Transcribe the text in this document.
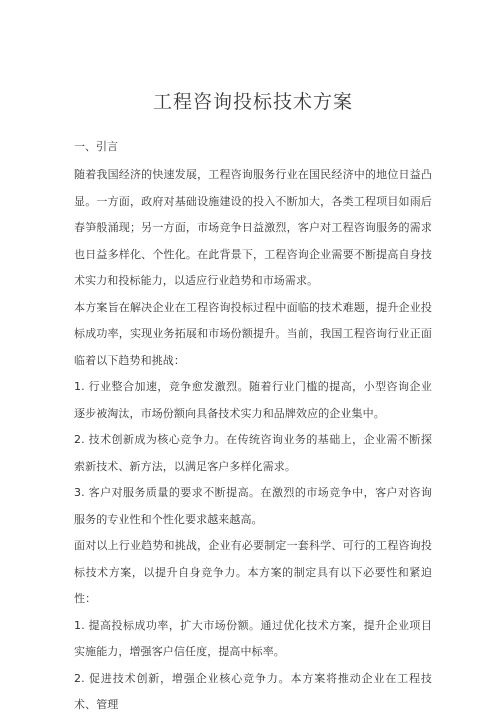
工程咨询投标技术方案
一、引言

随着我国经济的快速发展，工程咨询服务行业在国民经济中的地位日益凸显。一方面，政府对基础设施建设的投入不断加大，各类工程项目如雨后春笋般涌现；另一方面，市场竞争日益激烈，客户对工程咨询服务的需求也日益多样化、个性化。在此背景下，工程咨询企业需要不断提高自身技术实力和投标能力，以适应行业趋势和市场需求。

本方案旨在解决企业在工程咨询投标过程中面临的技术难题，提升企业投标成功率，实现业务拓展和市场份额提升。当前，我国工程咨询行业正面临着以下趋势和挑战：

1. 行业整合加速，竞争愈发激烈。随着行业门槛的提高，小型咨询企业逐步被淘汰，市场份额向具备技术实力和品牌效应的企业集中。

2. 技术创新成为核心竞争力。在传统咨询业务的基础上，企业需不断探索新技术、新方法，以满足客户多样化需求。

3. 客户对服务质量的要求不断提高。在激烈的市场竞争中，客户对咨询服务的专业性和个性化要求越来越高。

面对以上行业趋势和挑战，企业有必要制定一套科学、可行的工程咨询投标技术方案，以提升自身竞争力。本方案的制定具有以下必要性和紧迫性：

1. 提高投标成功率，扩大市场份额。通过优化技术方案，提升企业项目实施能力，增强客户信任度，提高中标率。

2. 促进技术创新，增强企业核心竞争力。本方案将推动企业在工程技术、管理
